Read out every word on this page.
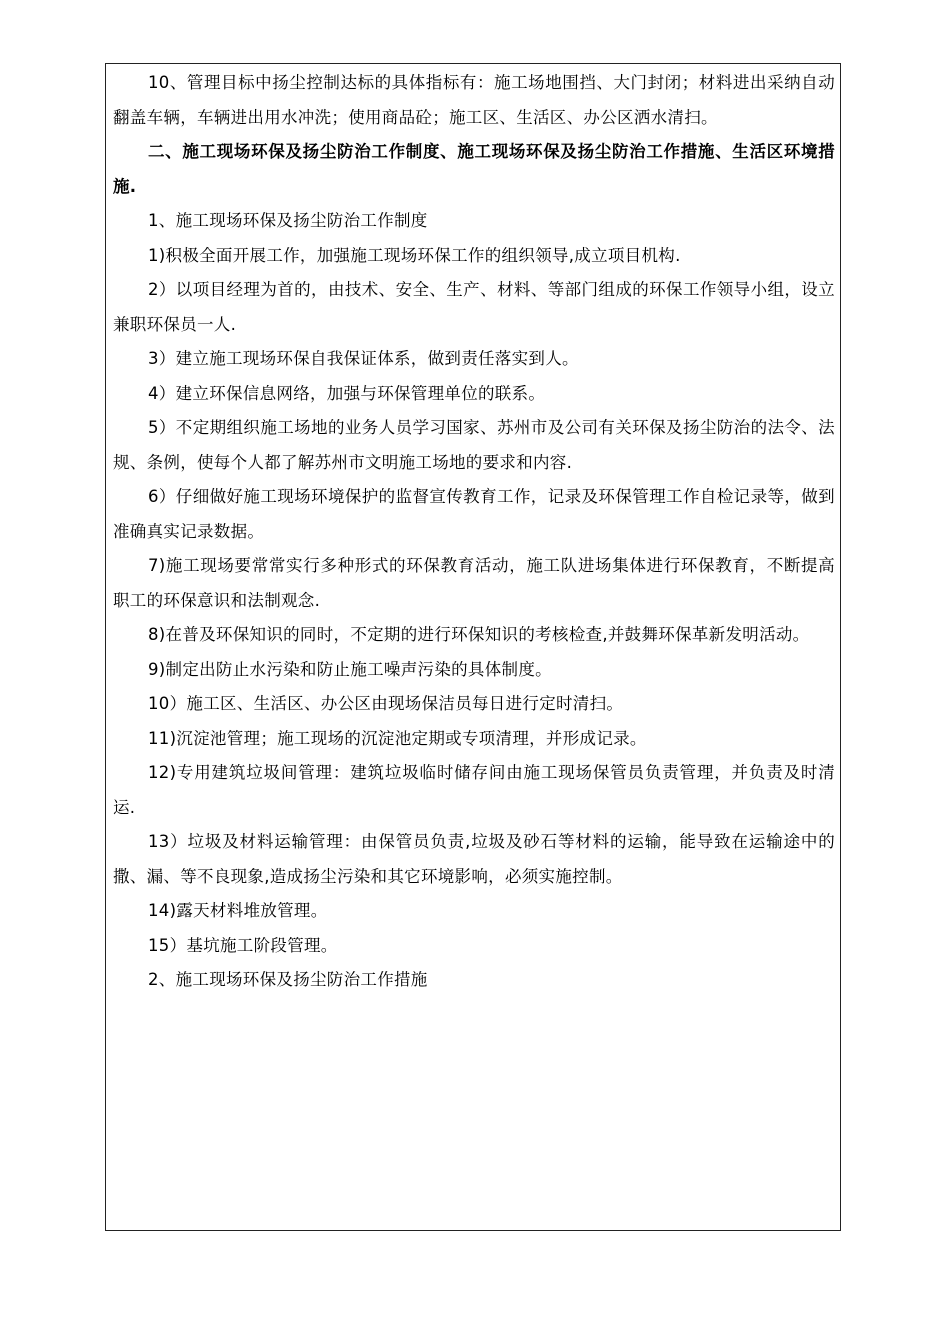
10、管理目标中扬尘控制达标的具体指标有：施工场地围挡、大门封闭；材料进出采纳自动翻盖车辆，车辆进出用水冲洗；使用商品砼；施工区、生活区、办公区洒水清扫。

二、施工现场环保及扬尘防治工作制度、施工现场环保及扬尘防治工作措施、生活区环境措施.

1、施工现场环保及扬尘防治工作制度

1)积极全面开展工作，加强施工现场环保工作的组织领导,成立项目机构.

2）以项目经理为首的，由技术、安全、生产、材料、等部门组成的环保工作领导小组，设立兼职环保员一人.

3）建立施工现场环保自我保证体系，做到责任落实到人。

4）建立环保信息网络，加强与环保管理单位的联系。

5）不定期组织施工场地的业务人员学习国家、苏州市及公司有关环保及扬尘防治的法令、法规、条例，使每个人都了解苏州市文明施工场地的要求和内容.

6）仔细做好施工现场环境保护的监督宣传教育工作，记录及环保管理工作自检记录等，做到准确真实记录数据。

7)施工现场要常常实行多种形式的环保教育活动，施工队进场集体进行环保教育，不断提高职工的环保意识和法制观念.

8)在普及环保知识的同时，不定期的进行环保知识的考核检查,并鼓舞环保革新发明活动。

9)制定出防止水污染和防止施工噪声污染的具体制度。

10）施工区、生活区、办公区由现场保洁员每日进行定时清扫。

11)沉淀池管理；施工现场的沉淀池定期或专项清理，并形成记录。

12)专用建筑垃圾间管理：建筑垃圾临时储存间由施工现场保管员负责管理，并负责及时清运.

13）垃圾及材料运输管理：由保管员负责,垃圾及砂石等材料的运输，能导致在运输途中的撒、漏、等不良现象,造成扬尘污染和其它环境影响，必须实施控制。

14)露天材料堆放管理。

15）基坑施工阶段管理。

2、施工现场环保及扬尘防治工作措施
